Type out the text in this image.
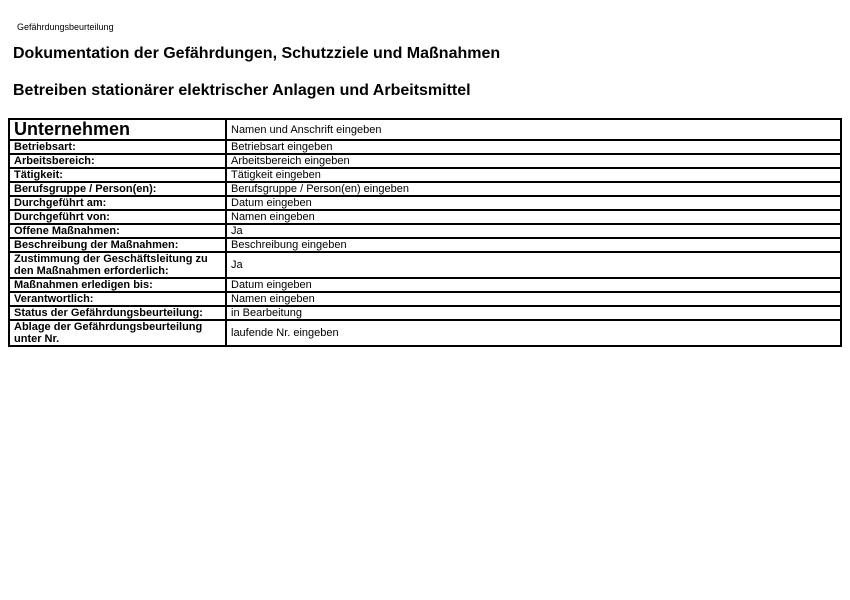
Gefährdungsbeurteilung
Dokumentation der Gefährdungen, Schutzziele und Maßnahmen
Betreiben stationärer elektrischer Anlagen und Arbeitsmittel
Unternehmen	Namen und Anschrift eingeben
Betriebsart:	Betriebsart eingeben
Arbeitsbereich:	Arbeitsbereich eingeben
Tätigkeit:	Tätigkeit eingeben
Berufsgruppe / Person(en):	Berufsgruppe / Person(en) eingeben
Durchgeführt am:	Datum eingeben
Durchgeführt von:	Namen eingeben
Offene Maßnahmen:	Ja
Beschreibung der Maßnahmen:	Beschreibung eingeben
Zustimmung der Geschäftsleitung zu den Maßnahmen erforderlich:	Ja
Maßnahmen erledigen bis:	Datum eingeben
Verantwortlich:	Namen eingeben
Status der Gefährdungsbeurteilung:	in Bearbeitung
Ablage der Gefährdungsbeurteilung unter Nr.	laufende Nr. eingeben
